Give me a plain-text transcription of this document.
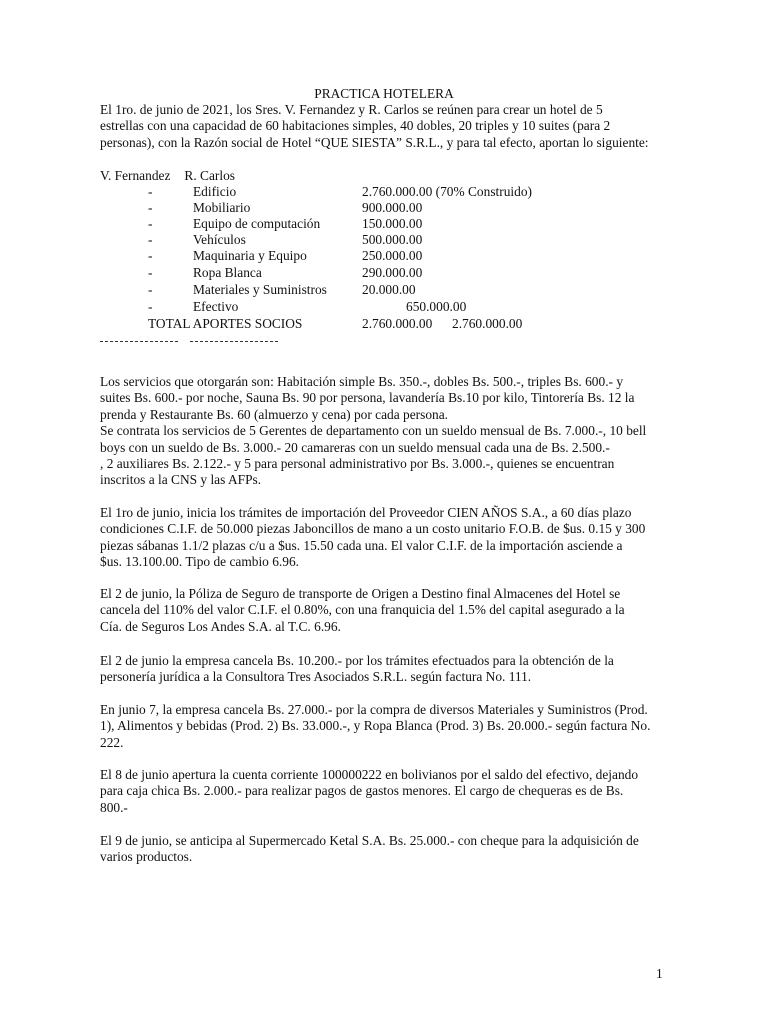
PRACTICA HOTELERA
El 1ro. de junio de 2021, los Sres. V. Fernandez y R. Carlos se reúnen para crear un hotel de 5
estrellas con una capacidad de 60 habitaciones simples, 40 dobles, 20 triples y 10 suites (para 2
personas), con la Razón social de Hotel “QUE SIESTA” S.R.L., y para tal efecto, aportan lo siguiente:
V. Fernandez R. Carlos
-	Edificio	2.760.000.00 (70% Construido)
-	Mobiliario	900.000.00
-	Equipo de computación	150.000.00
-	Vehículos	500.000.00
-	Maquinaria y Equipo	250.000.00
-	Ropa Blanca	290.000.00
-	Materiales y Suministros	20.000.00
-	Efectivo	650.000.00
TOTAL APORTES SOCIOS	2.760.000.00 2.760.000.00
Los servicios que otorgarán son: Habitación simple Bs. 350.-, dobles Bs. 500.-, triples Bs. 600.- y
suites Bs. 600.- por noche, Sauna Bs. 90 por persona, lavandería Bs.10 por kilo, Tintorería Bs. 12 la
prenda y Restaurante Bs. 60 (almuerzo y cena) por cada persona.
Se contrata los servicios de 5 Gerentes de departamento con un sueldo mensual de Bs. 7.000.-, 10 bell
boys con un sueldo de Bs. 3.000.- 20 camareras con un sueldo mensual cada una de Bs. 2.500.-
, 2 auxiliares Bs. 2.122.- y 5 para personal administrativo por Bs. 3.000.-, quienes se encuentran
inscritos a la CNS y las AFPs.
El 1ro de junio, inicia los trámites de importación del Proveedor CIEN AÑOS S.A., a 60 días plazo
condiciones C.I.F. de 50.000 piezas Jaboncillos de mano a un costo unitario F.O.B. de $us. 0.15 y 300
piezas sábanas 1.1/2 plazas c/u a $us. 15.50 cada una. El valor C.I.F. de la importación asciende a
$us. 13.100.00. Tipo de cambio 6.96.
El 2 de junio, la Póliza de Seguro de transporte de Origen a Destino final Almacenes del Hotel se
cancela del 110% del valor C.I.F. el 0.80%, con una franquicia del 1.5% del capital asegurado a la
Cía. de Seguros Los Andes S.A. al T.C. 6.96.
El 2 de junio la empresa cancela Bs. 10.200.- por los trámites efectuados para la obtención de la
personería jurídica a la Consultora Tres Asociados S.R.L. según factura No. 111.
En junio 7, la empresa cancela Bs. 27.000.- por la compra de diversos Materiales y Suministros (Prod.
1), Alimentos y bebidas (Prod. 2) Bs. 33.000.-, y Ropa Blanca (Prod. 3) Bs. 20.000.- según factura No.
222.
El 8 de junio apertura la cuenta corriente 100000222 en bolivianos por el saldo del efectivo, dejando
para caja chica Bs. 2.000.- para realizar pagos de gastos menores. El cargo de chequeras es de Bs.
800.-
El 9 de junio, se anticipa al Supermercado Ketal S.A. Bs. 25.000.- con cheque para la adquisición de
varios productos.
1
